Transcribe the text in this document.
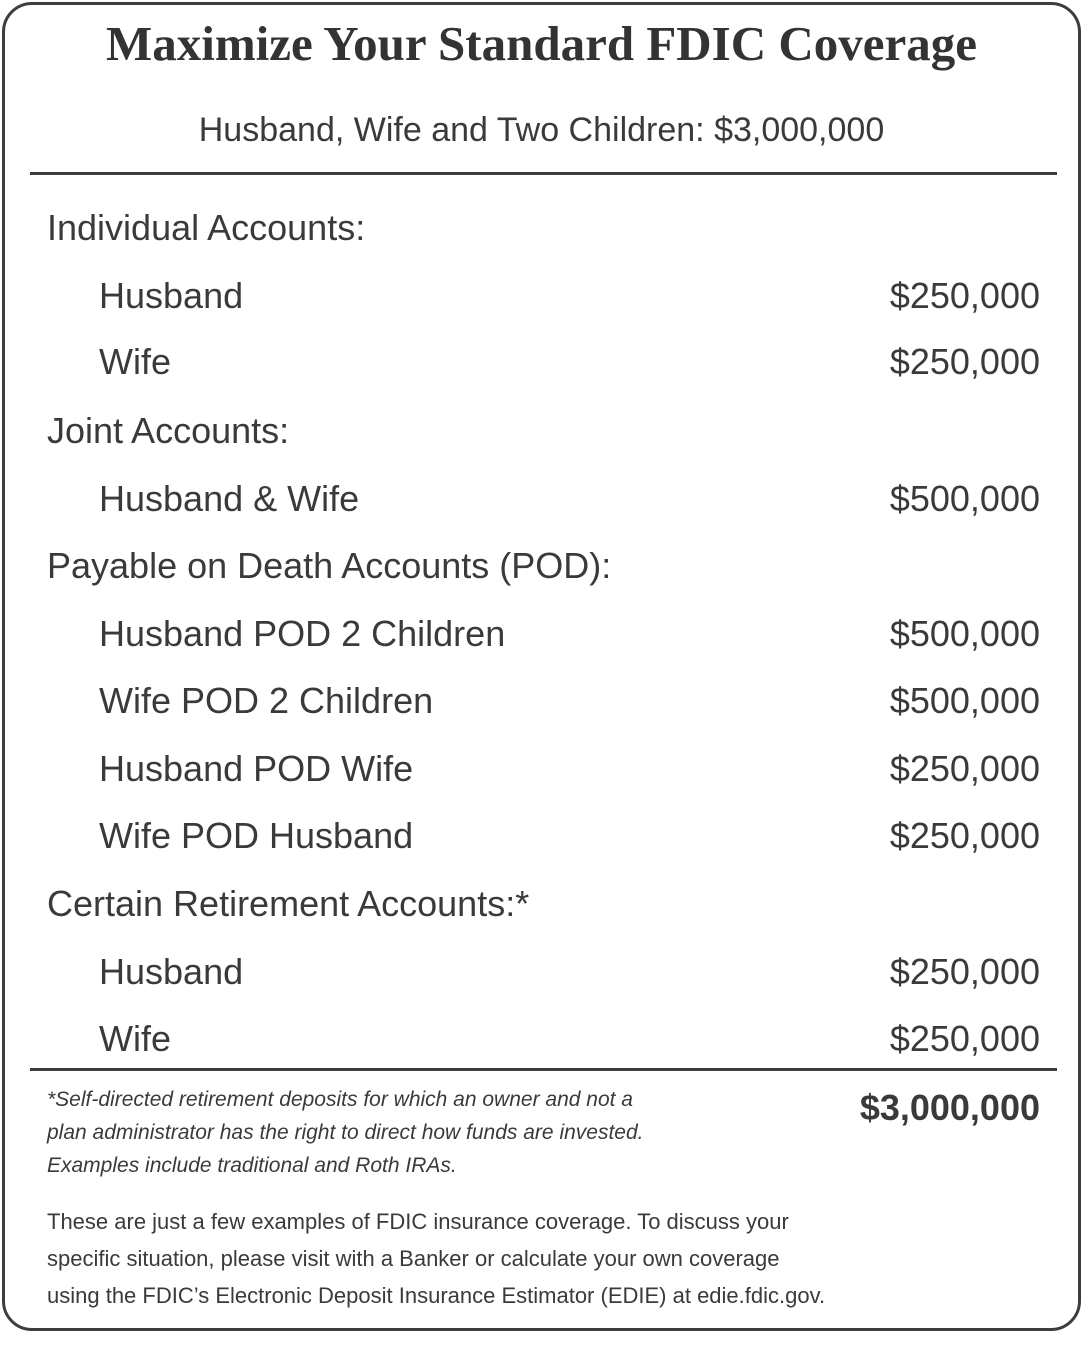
Maximize Your Standard FDIC Coverage
Husband, Wife and Two Children: $3,000,000
Individual Accounts:
Husband	$250,000
Wife	$250,000
Joint Accounts:
Husband & Wife	$500,000
Payable on Death Accounts (POD):
Husband POD 2 Children	$500,000
Wife POD 2 Children	$500,000
Husband POD Wife	$250,000
Wife POD Husband	$250,000
Certain Retirement Accounts:*
Husband	$250,000
Wife	$250,000
*Self-directed retirement deposits for which an owner and not a
plan administrator has the right to direct how funds are invested.
Examples include traditional and Roth IRAs.
$3,000,000
These are just a few examples of FDIC insurance coverage. To discuss your
specific situation, please visit with a Banker or calculate your own coverage
using the FDIC’s Electronic Deposit Insurance Estimator (EDIE) at edie.fdic.gov.
